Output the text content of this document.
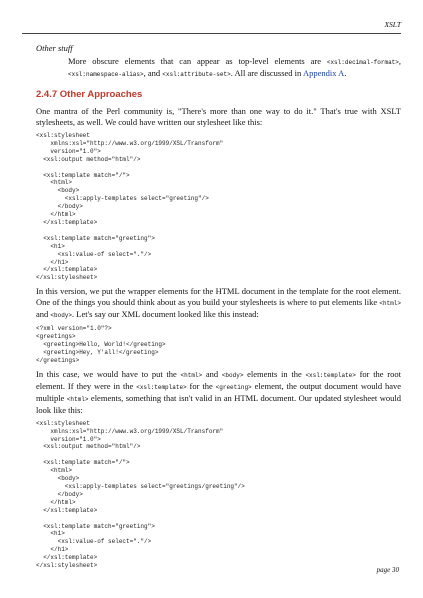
XSLT

Other stuff

More obscure elements that can appear as top-level elements are <xsl:decimal-format>, <xsl:namespace-alias>, and <xsl:attribute-set>. All are discussed in Appendix A.

2.4.7 Other Approaches

One mantra of the Perl community is, "There's more than one way to do it." That's true with XSLT stylesheets, as well. We could have written our stylesheet like this:

<xsl:stylesheet
xmlns:xsl="http://www.w3.org/1999/XSL/Transform"
version="1.0">
<xsl:output method="html"/>

<xsl:template match="/">
<html>
<body>
<xsl:apply-templates select="greeting"/>
</body>
</html>
</xsl:template>

<xsl:template match="greeting">
<h1>
<xsl:value-of select="."/>
</h1>
</xsl:template>
</xsl:stylesheet>

In this version, we put the wrapper elements for the HTML document in the template for the root element. One of the things you should think about as you build your stylesheets is where to put elements like <html> and <body>. Let's say our XML document looked like this instead:

<?xml version="1.0"?>
<greetings>
<greeting>Hello, World!</greeting>
<greeting>Hey, Y'all!</greeting>
</greetings>

In this case, we would have to put the <html> and <body> elements in the <xsl:template> for the root element. If they were in the <xsl:template> for the <greeting> element, the output document would have multiple <html> elements, something that isn't valid in an HTML document. Our updated stylesheet would look like this:

<xsl:stylesheet
xmlns:xsl="http://www.w3.org/1999/XSL/Transform"
version="1.0">
<xsl:output method="html"/>

<xsl:template match="/">
<html>
<body>
<xsl:apply-templates select="greetings/greeting"/>
</body>
</html>
</xsl:template>

<xsl:template match="greeting">
<h1>
<xsl:value-of select="."/>
</h1>
</xsl:template>
</xsl:stylesheet>
page 30
